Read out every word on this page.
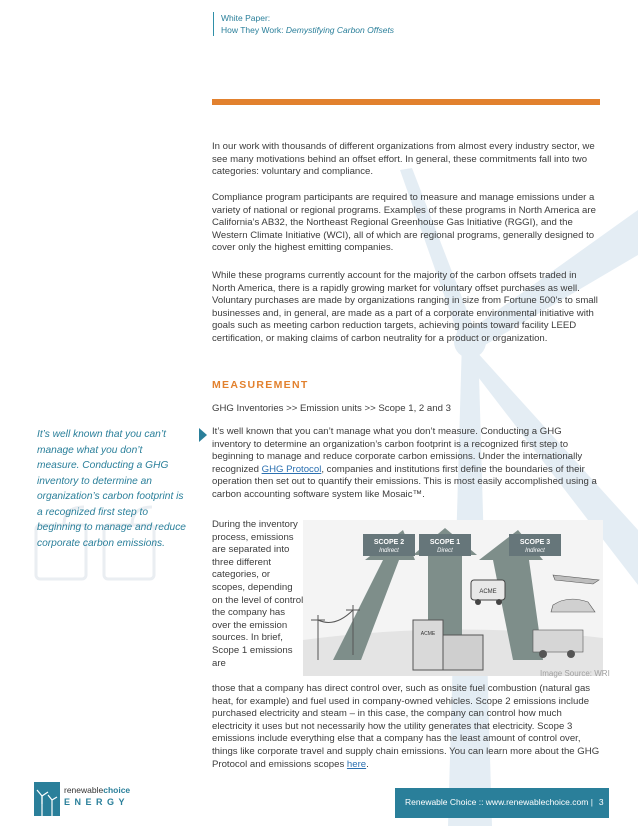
White Paper:
How They Work: Demystifying Carbon Offsets

In our work with thousands of different organizations from almost every industry sector, we see many motivations behind an offset effort. In general, these commitments fall into two categories: voluntary and compliance.

Compliance program participants are required to measure and manage emissions under a variety of national or regional programs. Examples of these programs in North America are California’s AB32, the Northeast Regional Greenhouse Gas Initiative (RGGI), and the Western Climate Initiative (WCI), all of which are regional programs, generally designed to cover only the highest emitting companies.

While these programs currently account for the majority of the carbon offsets traded in North America, there is a rapidly growing market for voluntary offset purchases as well. Voluntary purchases are made by organizations ranging in size from Fortune 500’s to small businesses and, in general, are made as a part of a corporate environmental initiative with goals such as meeting carbon reduction targets, achieving points toward facility LEED certification, or making claims of carbon neutrality for a product or organization.

MEASUREMENT
GHG Inventories >> Emission units >> Scope 1, 2 and 3

It’s well known that you can’t manage what you don’t measure. Conducting a GHG inventory to determine an organization’s carbon footprint is a recognized first step to beginning to manage and reduce corporate carbon emissions. Under the internationally recognized GHG Protocol, companies and institutions first define the boundaries of their operation then set out to quantify their emissions. This is most easily accomplished using a carbon accounting software system like Mosaic™.

It’s well known that you can’t manage what you don’t measure. Conducting a GHG inventory to determine an organization’s carbon footprint is a recognized first step to beginning to manage and reduce corporate carbon emissions.

During the inventory process, emissions are separated into three different categories, or scopes, depending on the level of control the company has over the emission sources. In brief, Scope 1 emissions are

SCOPE 2
Indirect
SCOPE 1
Direct
SCOPE 3
Indirect
ACME
ACME
Image Source: WRI

those that a company has direct control over, such as onsite fuel combustion (natural gas heat, for example) and fuel used in company-owned vehicles. Scope 2 emissions include purchased electricity and steam – in this case, the company can control how much electricity it uses but not necessarily how the utility generates that electricity. Scope 3 emissions include everything else that a company has the least amount of control over, things like corporate travel and supply chain emissions. You can learn more about the GHG Protocol and emissions scopes here.

renewablechoice
ENERGY	Renewable Choice :: www.renewablechoice.com | 3
